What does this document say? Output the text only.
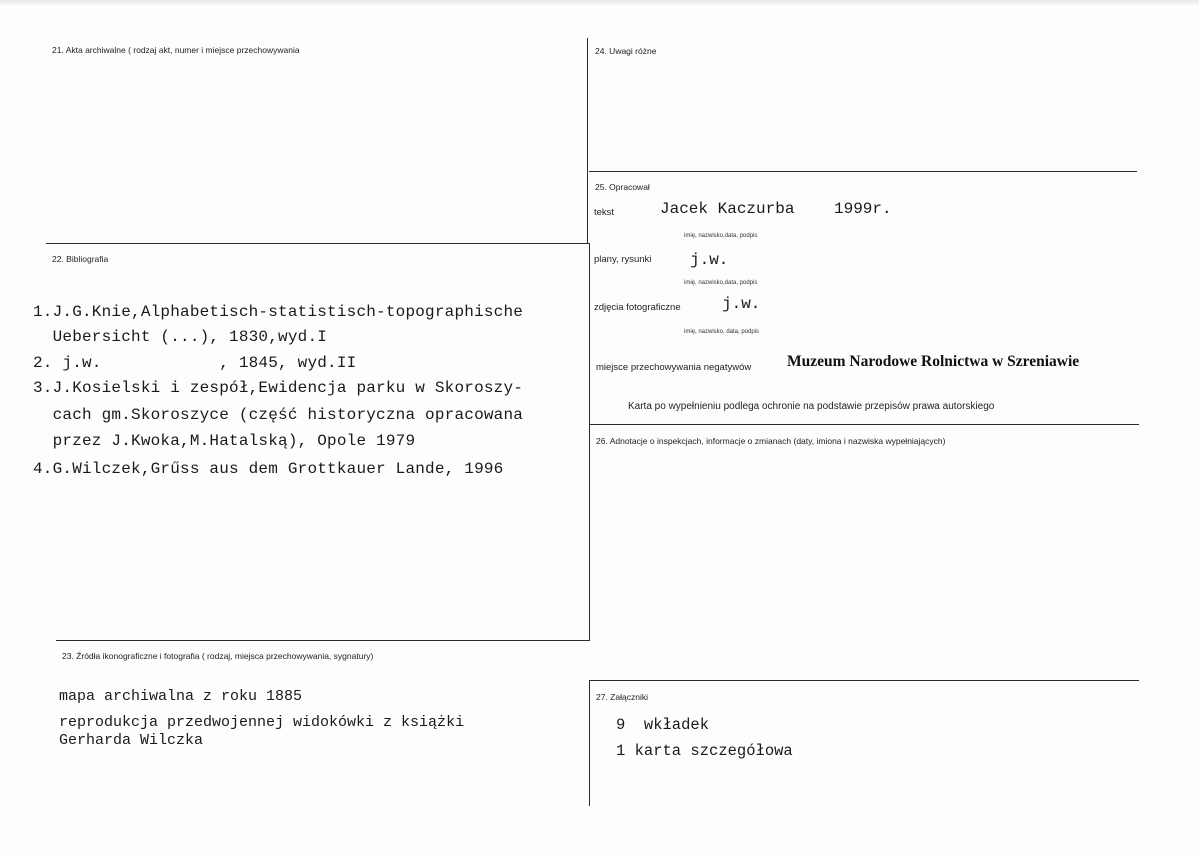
21. Akta archiwalne ( rodzaj akt, numer i miejsce przechowywania
22. Bibliografia
1.J.G.Knie,Alphabetisch-statistisch-topographische
Uebersicht (...), 1830,wyd.I
2. j.w.            , 1845, wyd.II
3.J.Kosielski i zespół,Ewidencja parku w Skoroszy-
cach gm.Skoroszyce (część historyczna opracowana
przez J.Kwoka,M.Hatalską), Opole 1979
4.G.Wilczek,Grűss aus dem Grottkauer Lande, 1996
23. Źródła ikonograficzne i fotografia ( rodzaj, miejsca przechowywania, sygnatury)
mapa archiwalna z roku 1885
reprodukcja przedwojennej widokówki z książki
Gerharda Wilczka
24. Uwagi różne
25. Opracował
tekst	Jacek Kaczurba 1999r.
imię, nazwisko,data, podpis
plany, rysunki j.w.
imię, nazwisko,data, podpis
zdjęcia fotograficzne	j.w.
imię, nazwisko, data, podpis
miejsce przechowywania negatywów Muzeum Narodowe Rolnictwa w Szreniawie
Karta po wypełnieniu podlega ochronie na podstawie przepisów prawa autorskiego
26. Adnotacje o inspekcjach, informacje o zmianach (daty, imiona i nazwiska wypełniających)
27. Załączniki
9  wkładek
1 karta szczegółowa
